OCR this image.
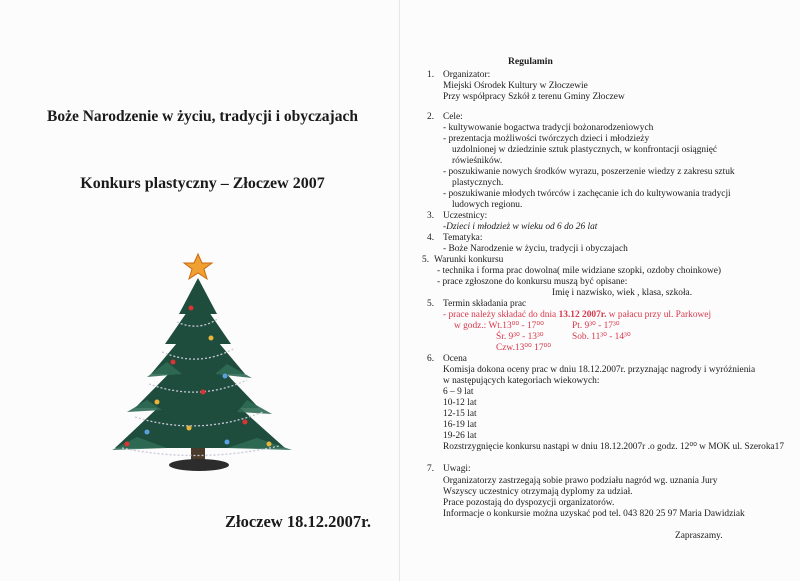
Boże Narodzenie w życiu, tradycji i obyczajach
Konkurs plastyczny – Złoczew 2007
Złoczew 18.12.2007r.
Regulamin
1. Organizator:
Miejski Ośrodek Kultury w Złoczewie
Przy współpracy Szkół z terenu Gminy Złoczew
2. Cele:
- kultywowanie bogactwa tradycji bożonarodzeniowych
- prezentacja możliwości twórczych dzieci i młodzieży
uzdolnionej w dziedzinie sztuk plastycznych, w konfrontacji osiągnięć
rówieśników.
- poszukiwanie nowych środków wyrazu, poszerzenie wiedzy z zakresu sztuk
plastycznych.
- poszukiwanie młodych twórców i zachęcanie ich do kultywowania tradycji
ludowych regionu.
3. Uczestnicy:
-Dzieci i młodzież w wieku od 6 do 26 lat
4. Tematyka:
- Boże Narodzenie w życiu, tradycji i obyczajach
5. Warunki konkursu
- technika i forma prac dowolna( mile widziane szopki, ozdoby choinkowe)
- prace zgłoszone do konkursu muszą być opisane:
Imię i nazwisko, wiek , klasa, szkoła.
5. Termin składania prac
- prace należy składać do dnia 13.12 2007r. w pałacu przy ul. Parkowej
w godz.: Wt.13⁰⁰ - 17⁰⁰	Pt. 9³⁰ - 17³⁰
Śr. 9³⁰ - 13³⁰	Sob. 11³⁰ - 14³⁰
Czw.13⁰⁰ 17⁰⁰
6. Ocena
Komisja dokona oceny prac w dniu 18.12.2007r. przyznając nagrody i wyróżnienia
w następujących kategoriach wiekowych:
6 – 9 lat
10-12 lat
12-15 lat
16-19 lat
19-26 lat
Rozstrzygnięcie konkursu nastąpi w dniu 18.12.2007r .o godz. 12⁰⁰ w MOK ul. Szeroka17
7. Uwagi:
Organizatorzy zastrzegają sobie prawo podziału nagród wg. uznania Jury
Wszyscy uczestnicy otrzymają dyplomy za udział.
Prace pozostają do dyspozycji organizatorów.
Informacje o konkursie można uzyskać pod tel. 043 820 25 97 Maria Dawidziak
Zapraszamy.
